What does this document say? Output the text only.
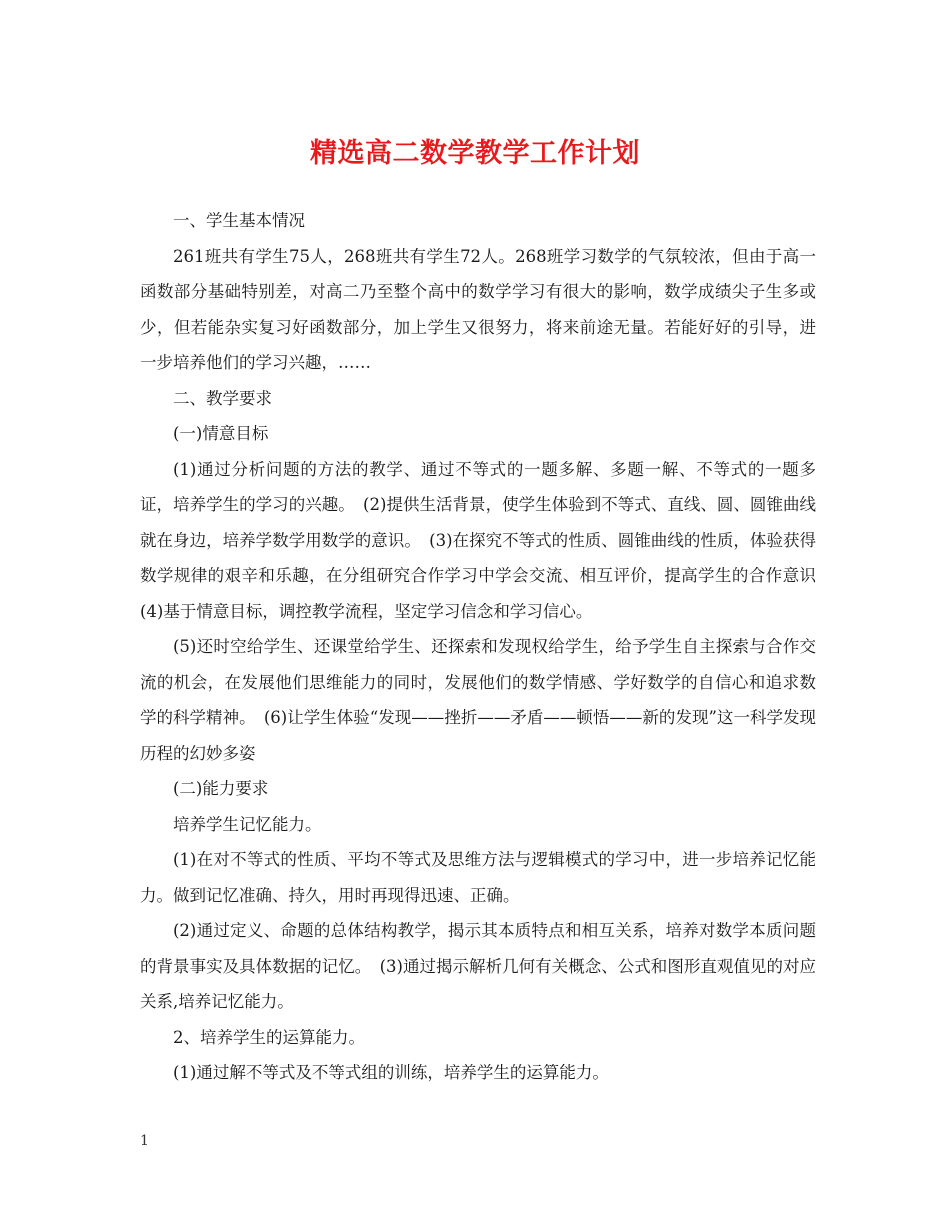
精选高二数学教学工作计划

一、学生基本情况

261班共有学生75人，268班共有学生72人。268班学习数学的气氛较浓，但由于高一函数部分基础特别差，对高二乃至整个高中的数学学习有很大的影响，数学成绩尖子生多或少，但若能杂实复习好函数部分，加上学生又很努力，将来前途无量。若能好好的引导，进一步培养他们的学习兴趣，……

二、教学要求

(一)情意目标

(1)通过分析问题的方法的教学、通过不等式的一题多解、多题一解、不等式的一题多证，培养学生的学习的兴趣。　(2)提供生活背景，使学生体验到不等式、直线、圆、圆锥曲线就在身边，培养学数学用数学的意识。　(3)在探究不等式的性质、圆锥曲线的性质，体验获得数学规律的艰辛和乐趣，在分组研究合作学习中学会交流、相互评价，提高学生的合作意识　(4)基于情意目标，调控教学流程，坚定学习信念和学习信心。

(5)还时空给学生、还课堂给学生、还探索和发现权给学生，给予学生自主探索与合作交流的机会，在发展他们思维能力的同时，发展他们的数学情感、学好数学的自信心和追求数学的科学精神。　(6)让学生体验“发现——挫折——矛盾——顿悟——新的发现”这一科学发现历程的幻妙多姿

(二)能力要求

培养学生记忆能力。

(1)在对不等式的性质、平均不等式及思维方法与逻辑模式的学习中，进一步培养记忆能力。做到记忆准确、持久，用时再现得迅速、正确。

(2)通过定义、命题的总体结构教学，揭示其本质特点和相互关系，培养对数学本质问题的背景事实及具体数据的记忆。　(3)通过揭示解析几何有关概念、公式和图形直观值见的对应关系,培养记忆能力。

2、培养学生的运算能力。

(1)通过解不等式及不等式组的训练，培养学生的运算能力。

1
